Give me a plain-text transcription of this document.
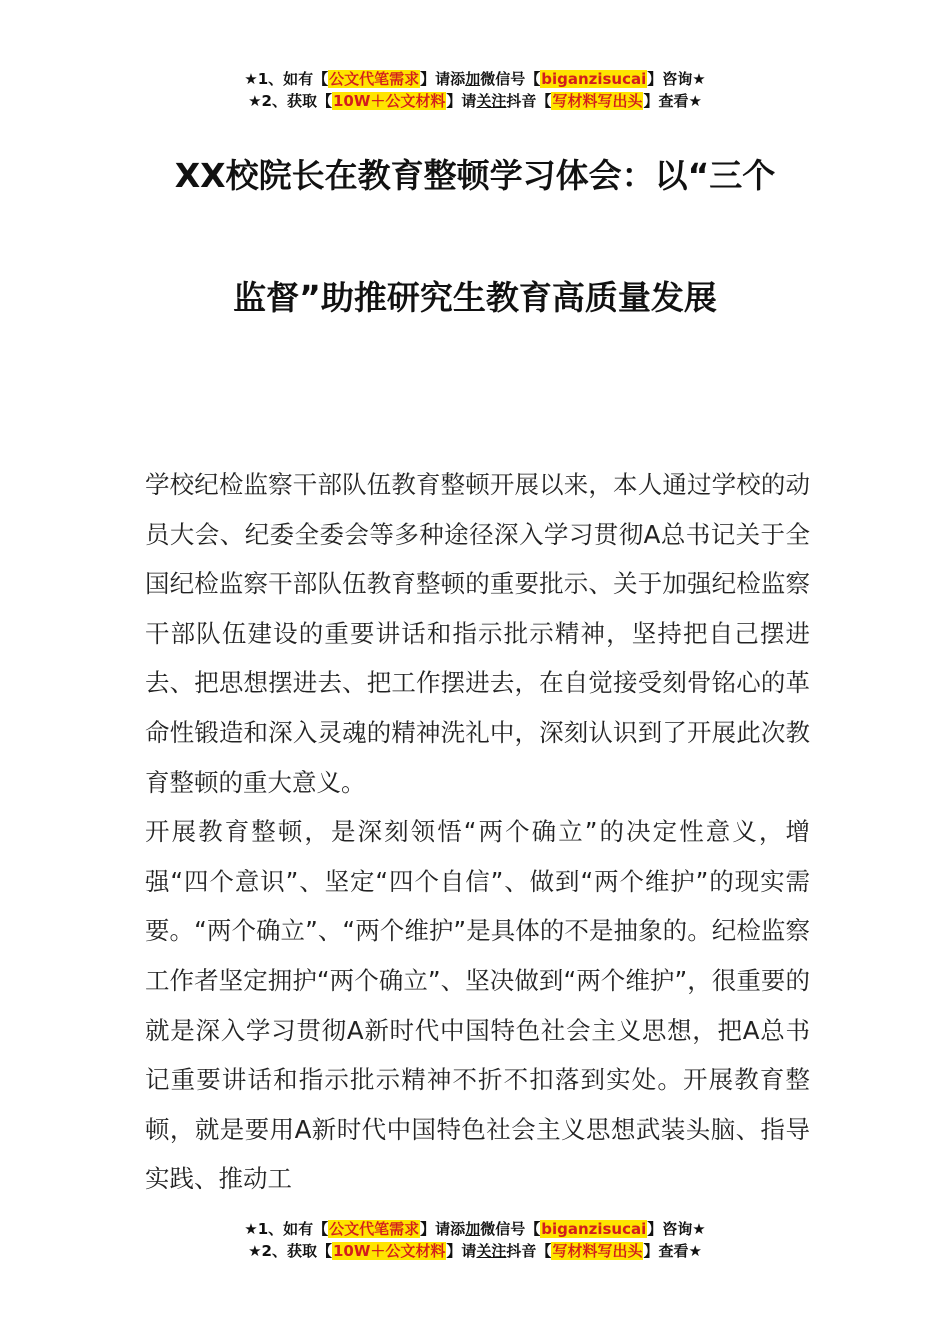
★1、如有【公文代笔需求】请添加微信号【biganzisucai】咨询★
★2、获取【10W＋公文材料】请关注抖音【写材料写出头】查看★
XX校院长在教育整顿学习体会：以“三个
监督”助推研究生教育高质量发展

学校纪检监察干部队伍教育整顿开展以来，本人通过学校的动员大会、纪委全委会等多种途径深入学习贯彻A总书记关于全国纪检监察干部队伍教育整顿的重要批示、关于加强纪检监察干部队伍建设的重要讲话和指示批示精神，坚持把自己摆进去、把思想摆进去、把工作摆进去，在自觉接受刻骨铭心的革命性锻造和深入灵魂的精神洗礼中，深刻认识到了开展此次教育整顿的重大意义。

开展教育整顿，是深刻领悟“两个确立”的决定性意义，增强“四个意识”、坚定“四个自信”、做到“两个维护”的现实需要。“两个确立”、“两个维护”是具体的不是抽象的。纪检监察工作者坚定拥护“两个确立”、坚决做到“两个维护”，很重要的就是深入学习贯彻A新时代中国特色社会主义思想，把A总书记重要讲话和指示批示精神不折不扣落到实处。开展教育整顿，就是要用A新时代中国特色社会主义思想武装头脑、指导实践、推动工

★1、如有【公文代笔需求】请添加微信号【biganzisucai】咨询★
★2、获取【10W＋公文材料】请关注抖音【写材料写出头】查看★
